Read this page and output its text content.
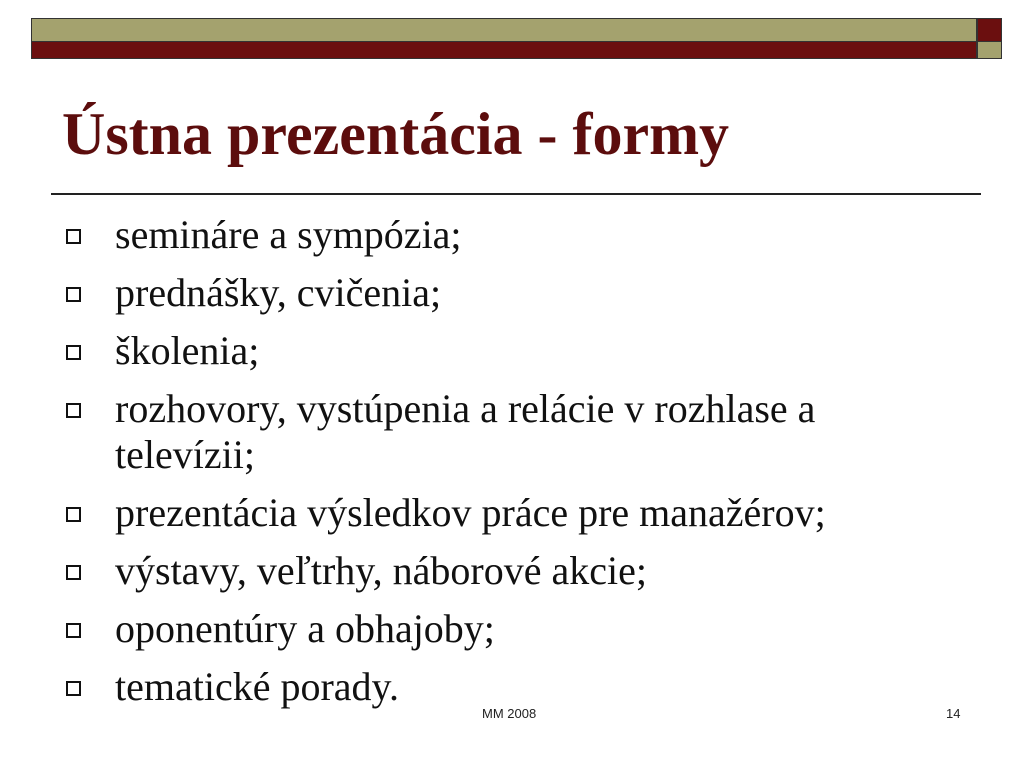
Ústna prezentácia - formy
semináre a sympózia;
prednášky, cvičenia;
školenia;
rozhovory, vystúpenia a relácie v rozhlase a televízii;
prezentácia výsledkov práce pre manažérov;
výstavy, veľtrhy, náborové akcie;
oponentúry a obhajoby;
tematické porady.
MM 2008	14
